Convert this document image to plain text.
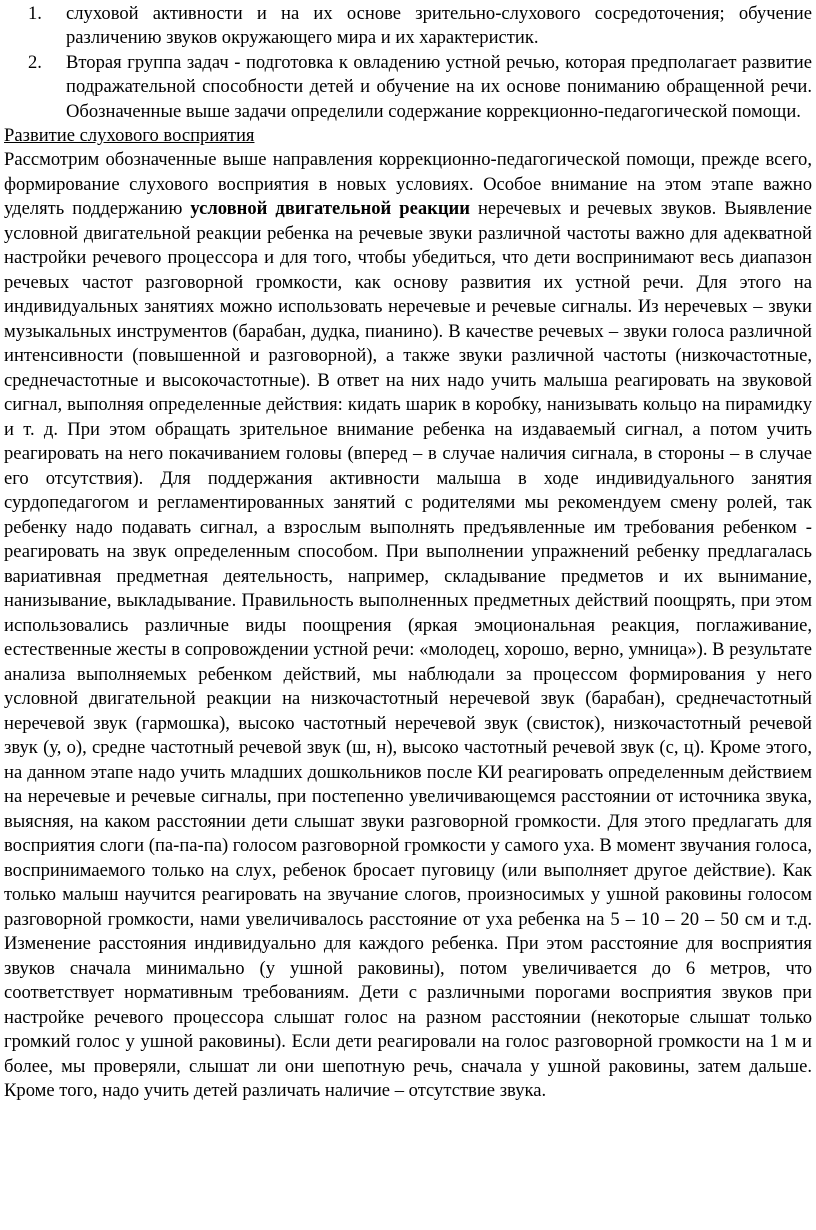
1. слуховой активности и на их основе зрительно-слухового сосредоточения; обучение различению звуков окружающего мира и их характеристик.
2. Вторая группа задач - подготовка к овладению устной речью, которая предполагает развитие подражательной способности детей и обучение на их основе пониманию обращенной речи. Обозначенные выше задачи определили содержание коррекционно-педагогической помощи.

Развитие слухового восприятия

Рассмотрим обозначенные выше направления коррекционно-педагогической помощи, прежде всего, формирование слухового восприятия в новых условиях. Особое внимание на этом этапе важно уделять поддержанию условной двигательной реакции неречевых и речевых звуков. Выявление условной двигательной реакции ребенка на речевые звуки различной частоты важно для адекватной настройки речевого процессора и для того, чтобы убедиться, что дети воспринимают весь диапазон речевых частот разговорной громкости, как основу развития их устной речи. Для этого на индивидуальных занятиях можно использовать неречевые и речевые сигналы. Из неречевых – звуки музыкальных инструментов (барабан, дудка, пианино). В качестве речевых – звуки голоса различной интенсивности (повышенной и разговорной), а также звуки различной частоты (низкочастотные, среднечастотные и высокочастотные). В ответ на них надо учить малыша реагировать на звуковой сигнал, выполняя определенные действия: кидать шарик в коробку, нанизывать кольцо на пирамидку и т. д. При этом обращать зрительное внимание ребенка на издаваемый сигнал, а потом учить реагировать на него покачиванием головы (вперед – в случае наличия сигнала, в стороны – в случае его отсутствия). Для поддержания активности малыша в ходе индивидуального занятия сурдопедагогом и регламентированных занятий с родителями мы рекомендуем смену ролей, так ребенку надо подавать сигнал, а взрослым выполнять предъявленные им требования ребенком - реагировать на звук определенным способом. При выполнении упражнений ребенку предлагалась вариативная предметная деятельность, например, складывание предметов и их вынимание, нанизывание, выкладывание. Правильность выполненных предметных действий поощрять, при этом использовались различные виды поощрения (яркая эмоциональная реакция, поглаживание, естественные жесты в сопровождении устной речи: «молодец, хорошо, верно, умница»). В результате анализа выполняемых ребенком действий, мы наблюдали за процессом формирования у него условной двигательной реакции на низкочастотный неречевой звук (барабан), среднечастотный неречевой звук (гармошка), высоко частотный неречевой звук (свисток), низкочастотный речевой звук (у, о), средне частотный речевой звук (ш, н), высоко частотный речевой звук (с, ц). Кроме этого, на данном этапе надо учить младших дошкольников после КИ реагировать определенным действием на неречевые и речевые сигналы, при постепенно увеличивающемся расстоянии от источника звука, выясняя, на каком расстоянии дети слышат звуки разговорной громкости. Для этого предлагать для восприятия слоги (па-па-па) голосом разговорной громкости у самого уха. В момент звучания голоса, воспринимаемого только на слух, ребенок бросает пуговицу (или выполняет другое действие). Как только малыш научится реагировать на звучание слогов, произносимых у ушной раковины голосом разговорной громкости, нами увеличивалось расстояние от уха ребенка на 5 – 10 – 20 – 50 см и т.д. Изменение расстояния индивидуально для каждого ребенка. При этом расстояние для восприятия звуков сначала минимально (у ушной раковины), потом увеличивается до 6 метров, что соответствует нормативным требованиям. Дети с различными порогами восприятия звуков при настройке речевого процессора слышат голос на разном расстоянии (некоторые слышат только громкий голос у ушной раковины). Если дети реагировали на голос разговорной громкости на 1 м и более, мы проверяли, слышат ли они шепотную речь, сначала у ушной раковины, затем дальше. Кроме того, надо учить детей различать наличие – отсутствие звука.
